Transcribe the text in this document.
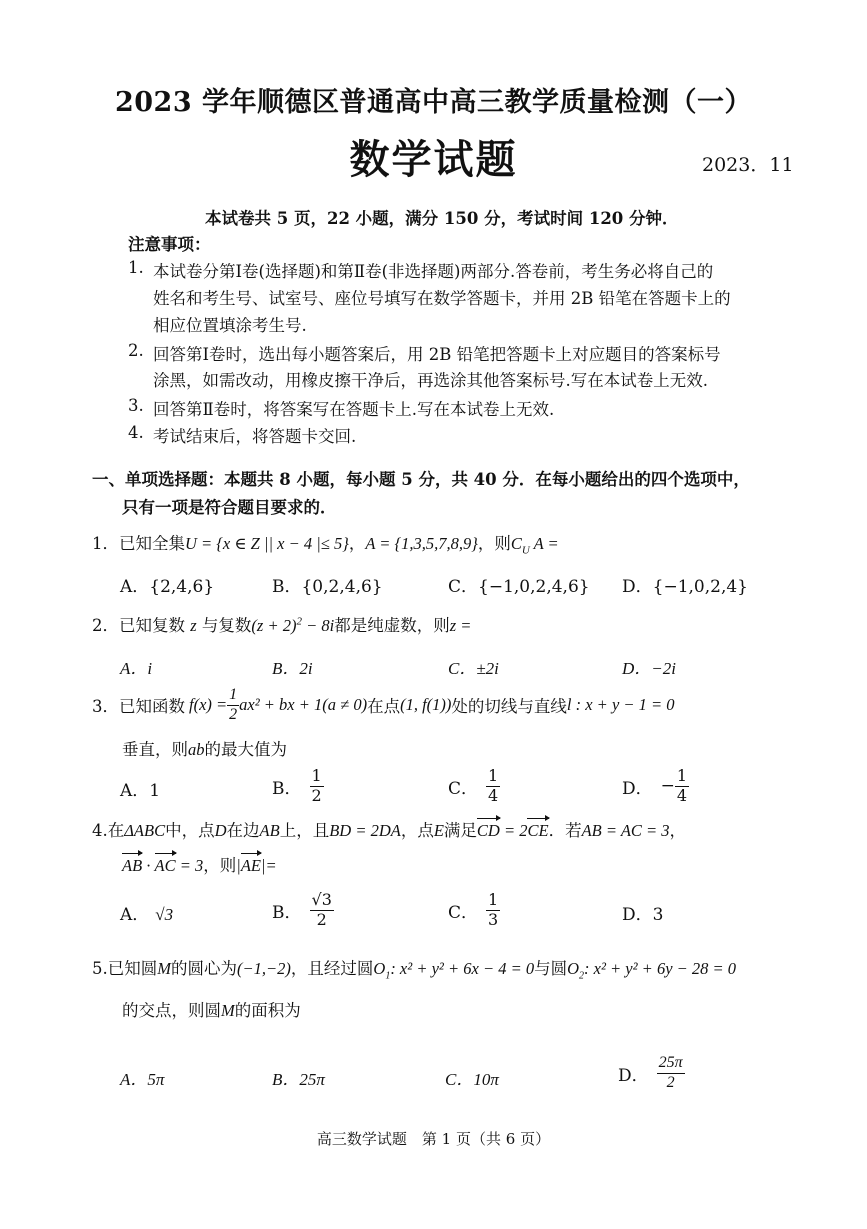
2023 学年顺德区普通高中高三教学质量检测（一）
数学试题	2023．11
本试卷共 5 页，22 小题，满分 150 分，考试时间 120 分钟．
注意事项：
1. 本试卷分第Ⅰ卷(选择题)和第Ⅱ卷(非选择题)两部分.答卷前，考生务必将自己的
姓名和考生号、试室号、座位号填写在数学答题卡，并用 2B 铅笔在答题卡上的
相应位置填涂考生号.
2. 回答第Ⅰ卷时，选出每小题答案后，用 2B 铅笔把答题卡上对应题目的答案标号
涂黑，如需改动，用橡皮擦干净后，再选涂其他答案标号.写在本试卷上无效.
3. 回答第Ⅱ卷时，将答案写在答题卡上.写在本试卷上无效.
4. 考试结束后，将答题卡交回.
一、单项选择题：本题共 8 小题，每小题 5 分，共 40 分．在每小题给出的四个选项中，
只有一项是符合题目要求的．
1．已知全集U = {x ∈ Z || x − 4 |≤ 5}，A = {1,3,5,7,8,9}，则$C_U$ A =
A．{2,4,6}	B．{0,2,4,6}	C．{−1,0,2,4,6} D．{−1,0,2,4}
2．已知复数 z 与复数$(z + 2)^2 - 8i$都是纯虚数，则z =
A．i	B．2i	C．±2i	D．−2i
3． 已知函数 $f(x) = \frac{1}{2} ax^2$ + bx + 1(a ≠ 0) 在点 (1, f(1)) 处的切线与直线 l : x + y − 1 = 0
垂直，则ab的最大值为
A．1	B． $\frac{1}{2}$	C． $\frac{1}{4}$	D． − $\frac{1}{4}$
4.在ΔABC中，点D在边AB上，且BD = 2DA，点E满足CD = 2CE．若AB = AC = 3，
AB · AC = 3，则|AE|=
A． √3	B． $\frac{√3}{2}$	C． $\frac{1}{3}$	D．3
5.已知圆M的圆心为(−1,−2)，且经过圆$O_1$: x² + y² + 6x − 4 = 0与圆$O_2$: x² + y² + 6y − 28 = 0
的交点，则圆M的面积为
A．5π	B．25π	C．10π	D． $\frac{25\pi}{2}$
高三数学试题　第 1 页（共 6 页）
